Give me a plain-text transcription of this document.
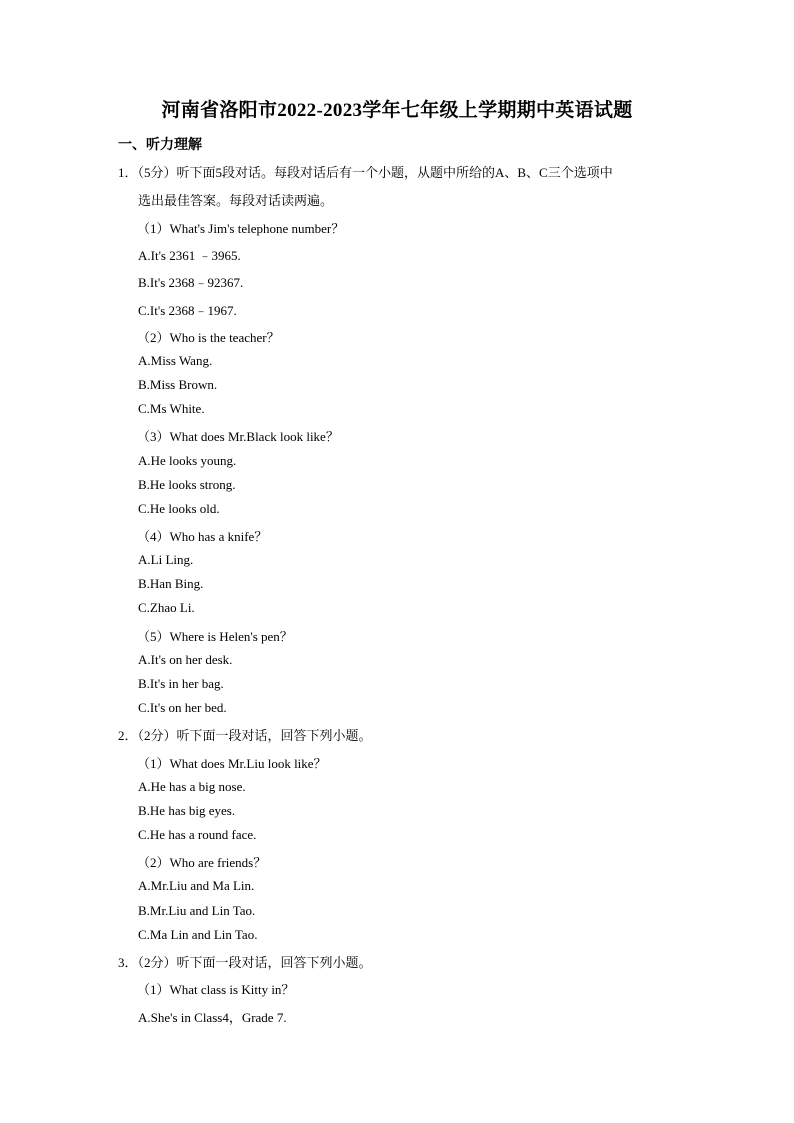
河南省洛阳市2022-2023学年七年级上学期期中英语试题
一、听力理解
1．（5分）听下面5段对话。每段对话后有一个小题，从题中所给的A、B、C三个选项中
选出最佳答案。每段对话读两遍。
（1）What's Jim's telephone number？
A.It's 2361 ﹣3965.
B.It's 2368﹣92367.
C.It's 2368﹣1967.
（2）Who is the teacher？
A.Miss Wang.
B.Miss Brown.
C.Ms White.
（3）What does Mr.Black look like？
A.He looks young.
B.He looks strong.
C.He looks old.
（4）Who has a knife？
A.Li Ling.
B.Han Bing.
C.Zhao Li.
（5）Where is Helen's pen？
A.It's on her desk.
B.It's in her bag.
C.It's on her bed.
2．（2分）听下面一段对话，回答下列小题。
（1）What does Mr.Liu look like？
A.He has a big nose.
B.He has big eyes.
C.He has a round face.
（2）Who are friends？
A.Mr.Liu and Ma Lin.
B.Mr.Liu and Lin Tao.
C.Ma Lin and Lin Tao.
3．（2分）听下面一段对话，回答下列小题。
（1）What class is Kitty in？
A.She's in Class4，Grade 7.
